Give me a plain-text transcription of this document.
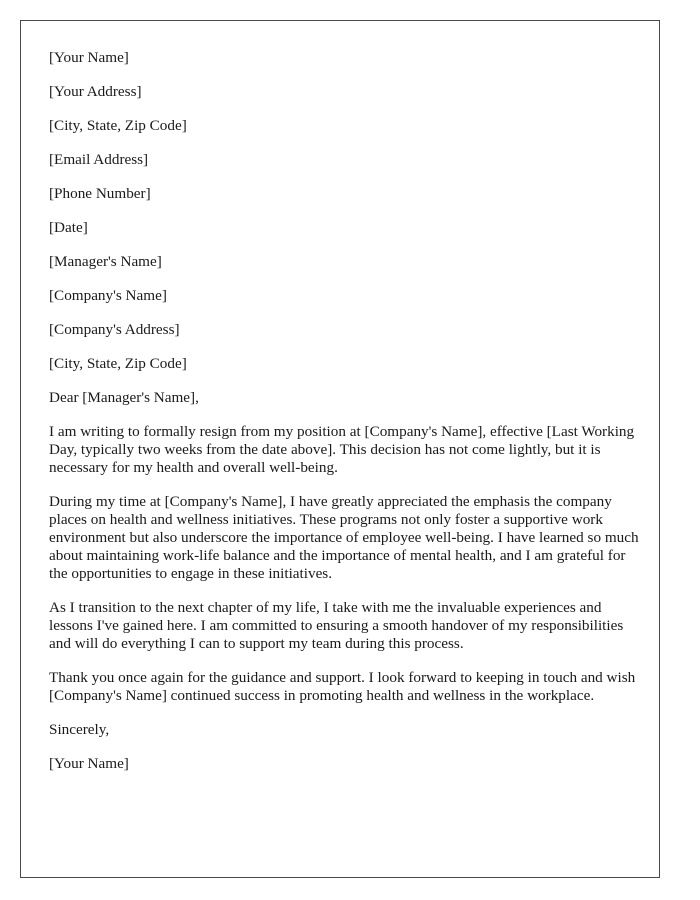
[Your Name]

[Your Address]

[City, State, Zip Code]

[Email Address]

[Phone Number]

[Date]

[Manager's Name]

[Company's Name]

[Company's Address]

[City, State, Zip Code]

Dear [Manager's Name],

I am writing to formally resign from my position at [Company's Name], effective [Last Working Day, typically two weeks from the date above]. This decision has not come lightly, but it is necessary for my health and overall well-being.

During my time at [Company's Name], I have greatly appreciated the emphasis the company places on health and wellness initiatives. These programs not only foster a supportive work environment but also underscore the importance of employee well-being. I have learned so much about maintaining work-life balance and the importance of mental health, and I am grateful for the opportunities to engage in these initiatives.

As I transition to the next chapter of my life, I take with me the invaluable experiences and lessons I've gained here. I am committed to ensuring a smooth handover of my responsibilities and will do everything I can to support my team during this process.

Thank you once again for the guidance and support. I look forward to keeping in touch and wish [Company's Name] continued success in promoting health and wellness in the workplace.

Sincerely,

[Your Name]
